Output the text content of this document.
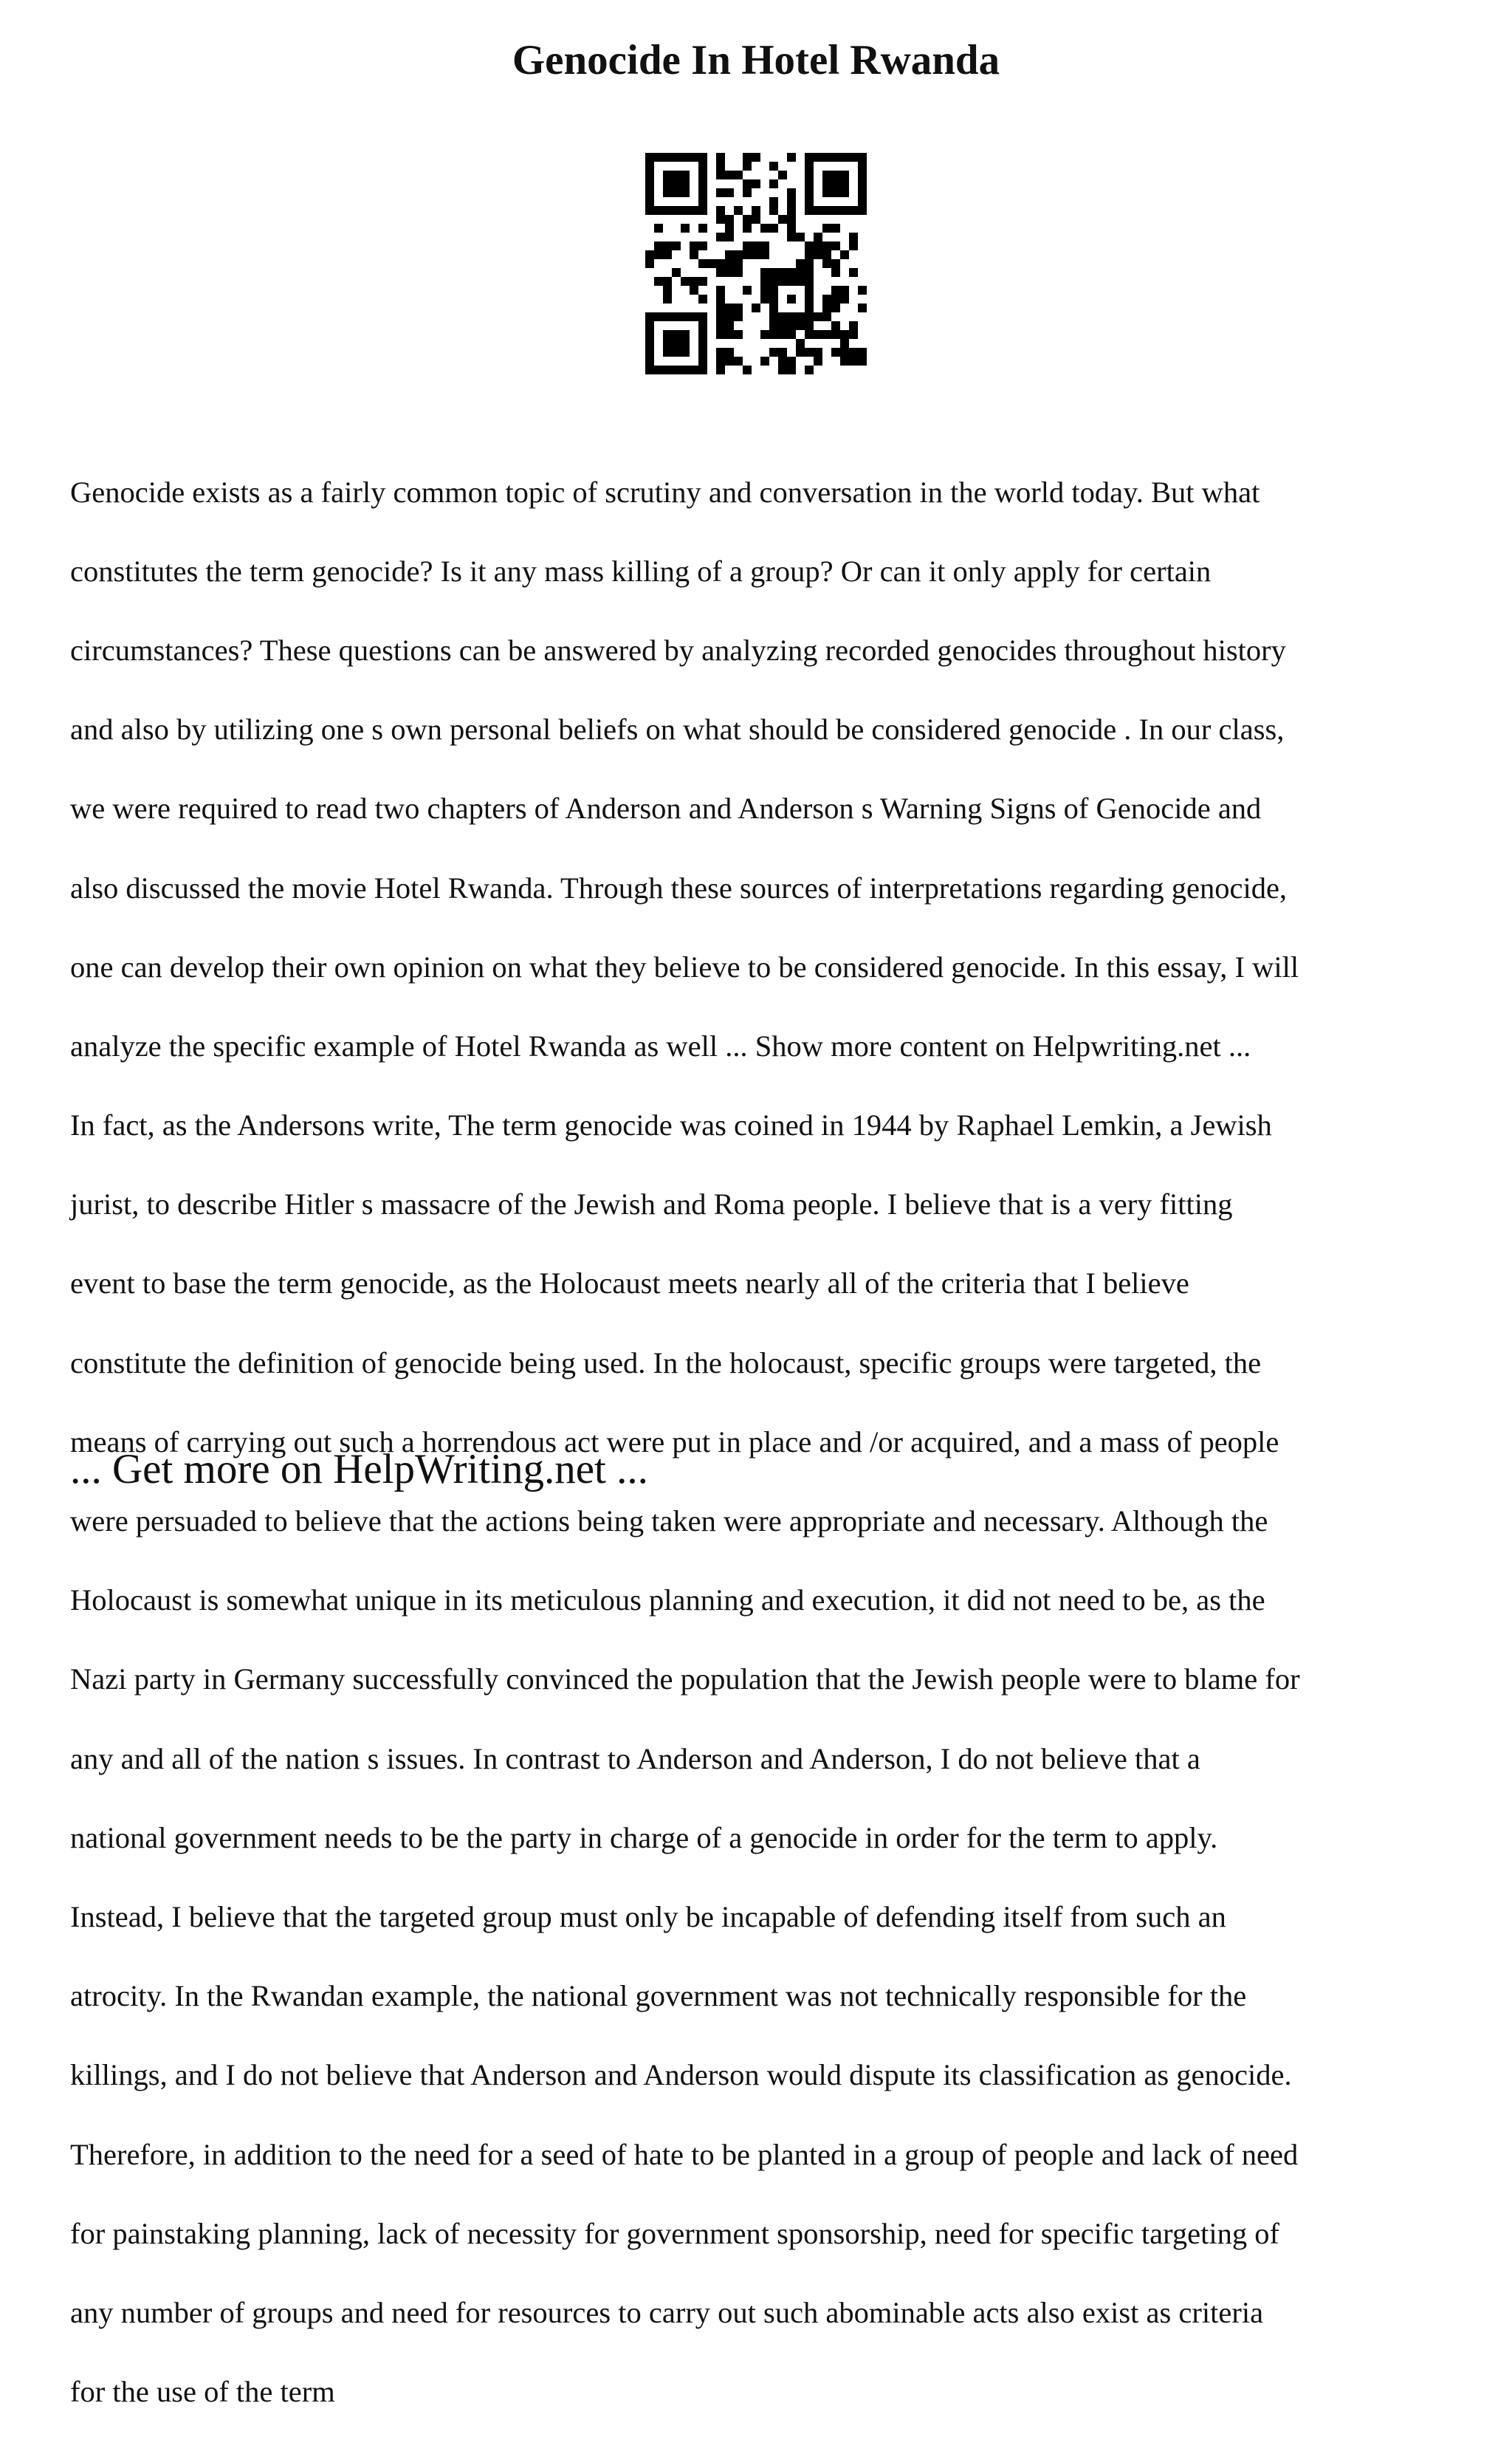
Genocide In Hotel Rwanda

Genocide exists as a fairly common topic of scrutiny and conversation in the world today. But what

constitutes the term genocide? Is it any mass killing of a group? Or can it only apply for certain

circumstances? These questions can be answered by analyzing recorded genocides throughout history

and also by utilizing one s own personal beliefs on what should be considered genocide . In our class,

we were required to read two chapters of Anderson and Anderson s Warning Signs of Genocide and

also discussed the movie Hotel Rwanda. Through these sources of interpretations regarding genocide,

one can develop their own opinion on what they believe to be considered genocide. In this essay, I will

analyze the specific example of Hotel Rwanda as well ... Show more content on Helpwriting.net ...

In fact, as the Andersons write, The term genocide was coined in 1944 by Raphael Lemkin, a Jewish

jurist, to describe Hitler s massacre of the Jewish and Roma people. I believe that is a very fitting

event to base the term genocide, as the Holocaust meets nearly all of the criteria that I believe

constitute the definition of genocide being used. In the holocaust, specific groups were targeted, the

means of carrying out such a horrendous act were put in place and /or acquired, and a mass of people

were persuaded to believe that the actions being taken were appropriate and necessary. Although the

Holocaust is somewhat unique in its meticulous planning and execution, it did not need to be, as the

Nazi party in Germany successfully convinced the population that the Jewish people were to blame for

any and all of the nation s issues. In contrast to Anderson and Anderson, I do not believe that a

national government needs to be the party in charge of a genocide in order for the term to apply.

Instead, I believe that the targeted group must only be incapable of defending itself from such an

atrocity. In the Rwandan example, the national government was not technically responsible for the

killings, and I do not believe that Anderson and Anderson would dispute its classification as genocide.

Therefore, in addition to the need for a seed of hate to be planted in a group of people and lack of need

for painstaking planning, lack of necessity for government sponsorship, need for specific targeting of

any number of groups and need for resources to carry out such abominable acts also exist as criteria

for the use of the term

... Get more on HelpWriting.net ...
